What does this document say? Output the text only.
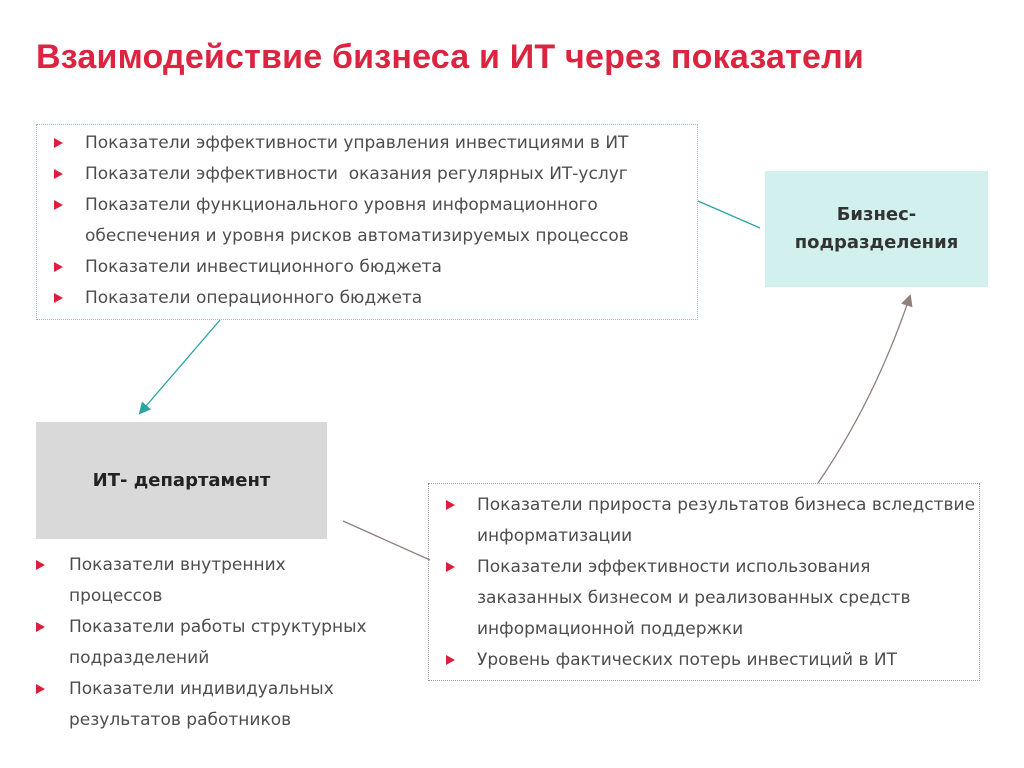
Взаимодействие бизнеса и ИТ через показатели
Показатели эффективности управления инвестициями в ИТ
Показатели эффективности  оказания регулярных ИТ-услуг
Показатели функционального уровня информационного обеспечения и уровня рисков автоматизируемых процессов
Показатели инвестиционного бюджета
Показатели операционного бюджета
Бизнес-подразделения
ИТ- департамент
Показатели внутренних процессов
Показатели работы структурных подразделений
Показатели индивидуальных результатов работников
Показатели прироста результатов бизнеса вследствие информатизации
Показатели эффективности использования заказанных бизнесом и реализованных средств информационной поддержки
Уровень фактических потерь инвестиций в ИТ
